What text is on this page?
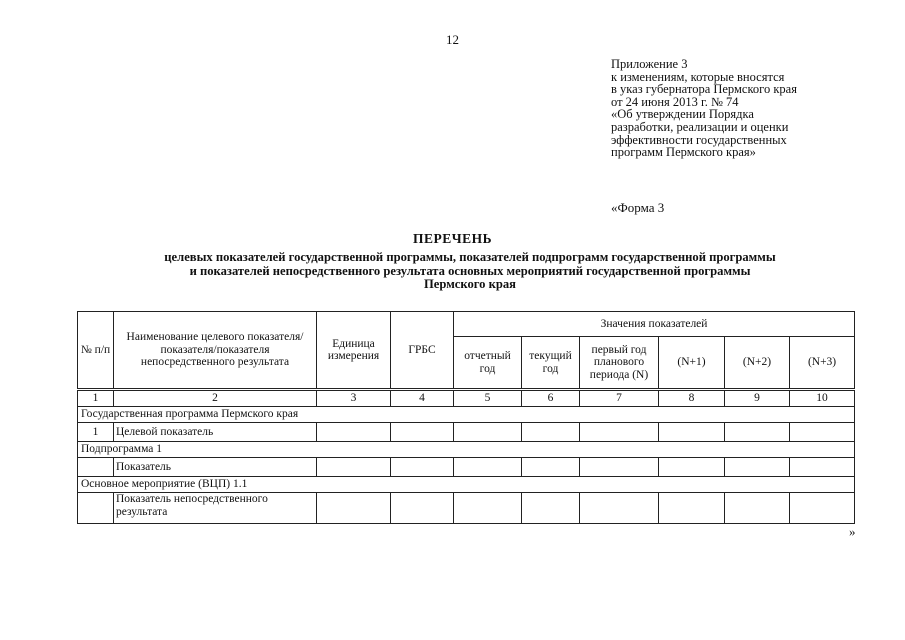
12
Приложение 3
к изменениям, которые вносятся
в указ губернатора Пермского края
от 24 июня 2013 г. № 74
«Об утверждении Порядка
разработки, реализации и оценки
эффективности государственных
программ Пермского края»
«Форма 3
ПЕРЕЧЕНЬ
целевых показателей государственной программы, показателей подпрограмм государственной программы
и показателей непосредственного результата основных мероприятий государственной программы
Пермского края
№ п/п	Наименование целевого показателя/ показателя/показателя непосредственного результата	Единица измерения	ГРБС	Значения показателей					
				отчетный год	текущий год	первый год планового периода (N)	(N+1)	(N+2)	(N+3)

1	2	3	4	5	6	7	8	9	10
Государственная программа Пермского края									
1	Целевой показатель								
Подпрограмма 1									
	Показатель								
Основное мероприятие (ВЦП) 1.1									
	Показатель непосредственного результата								
»
